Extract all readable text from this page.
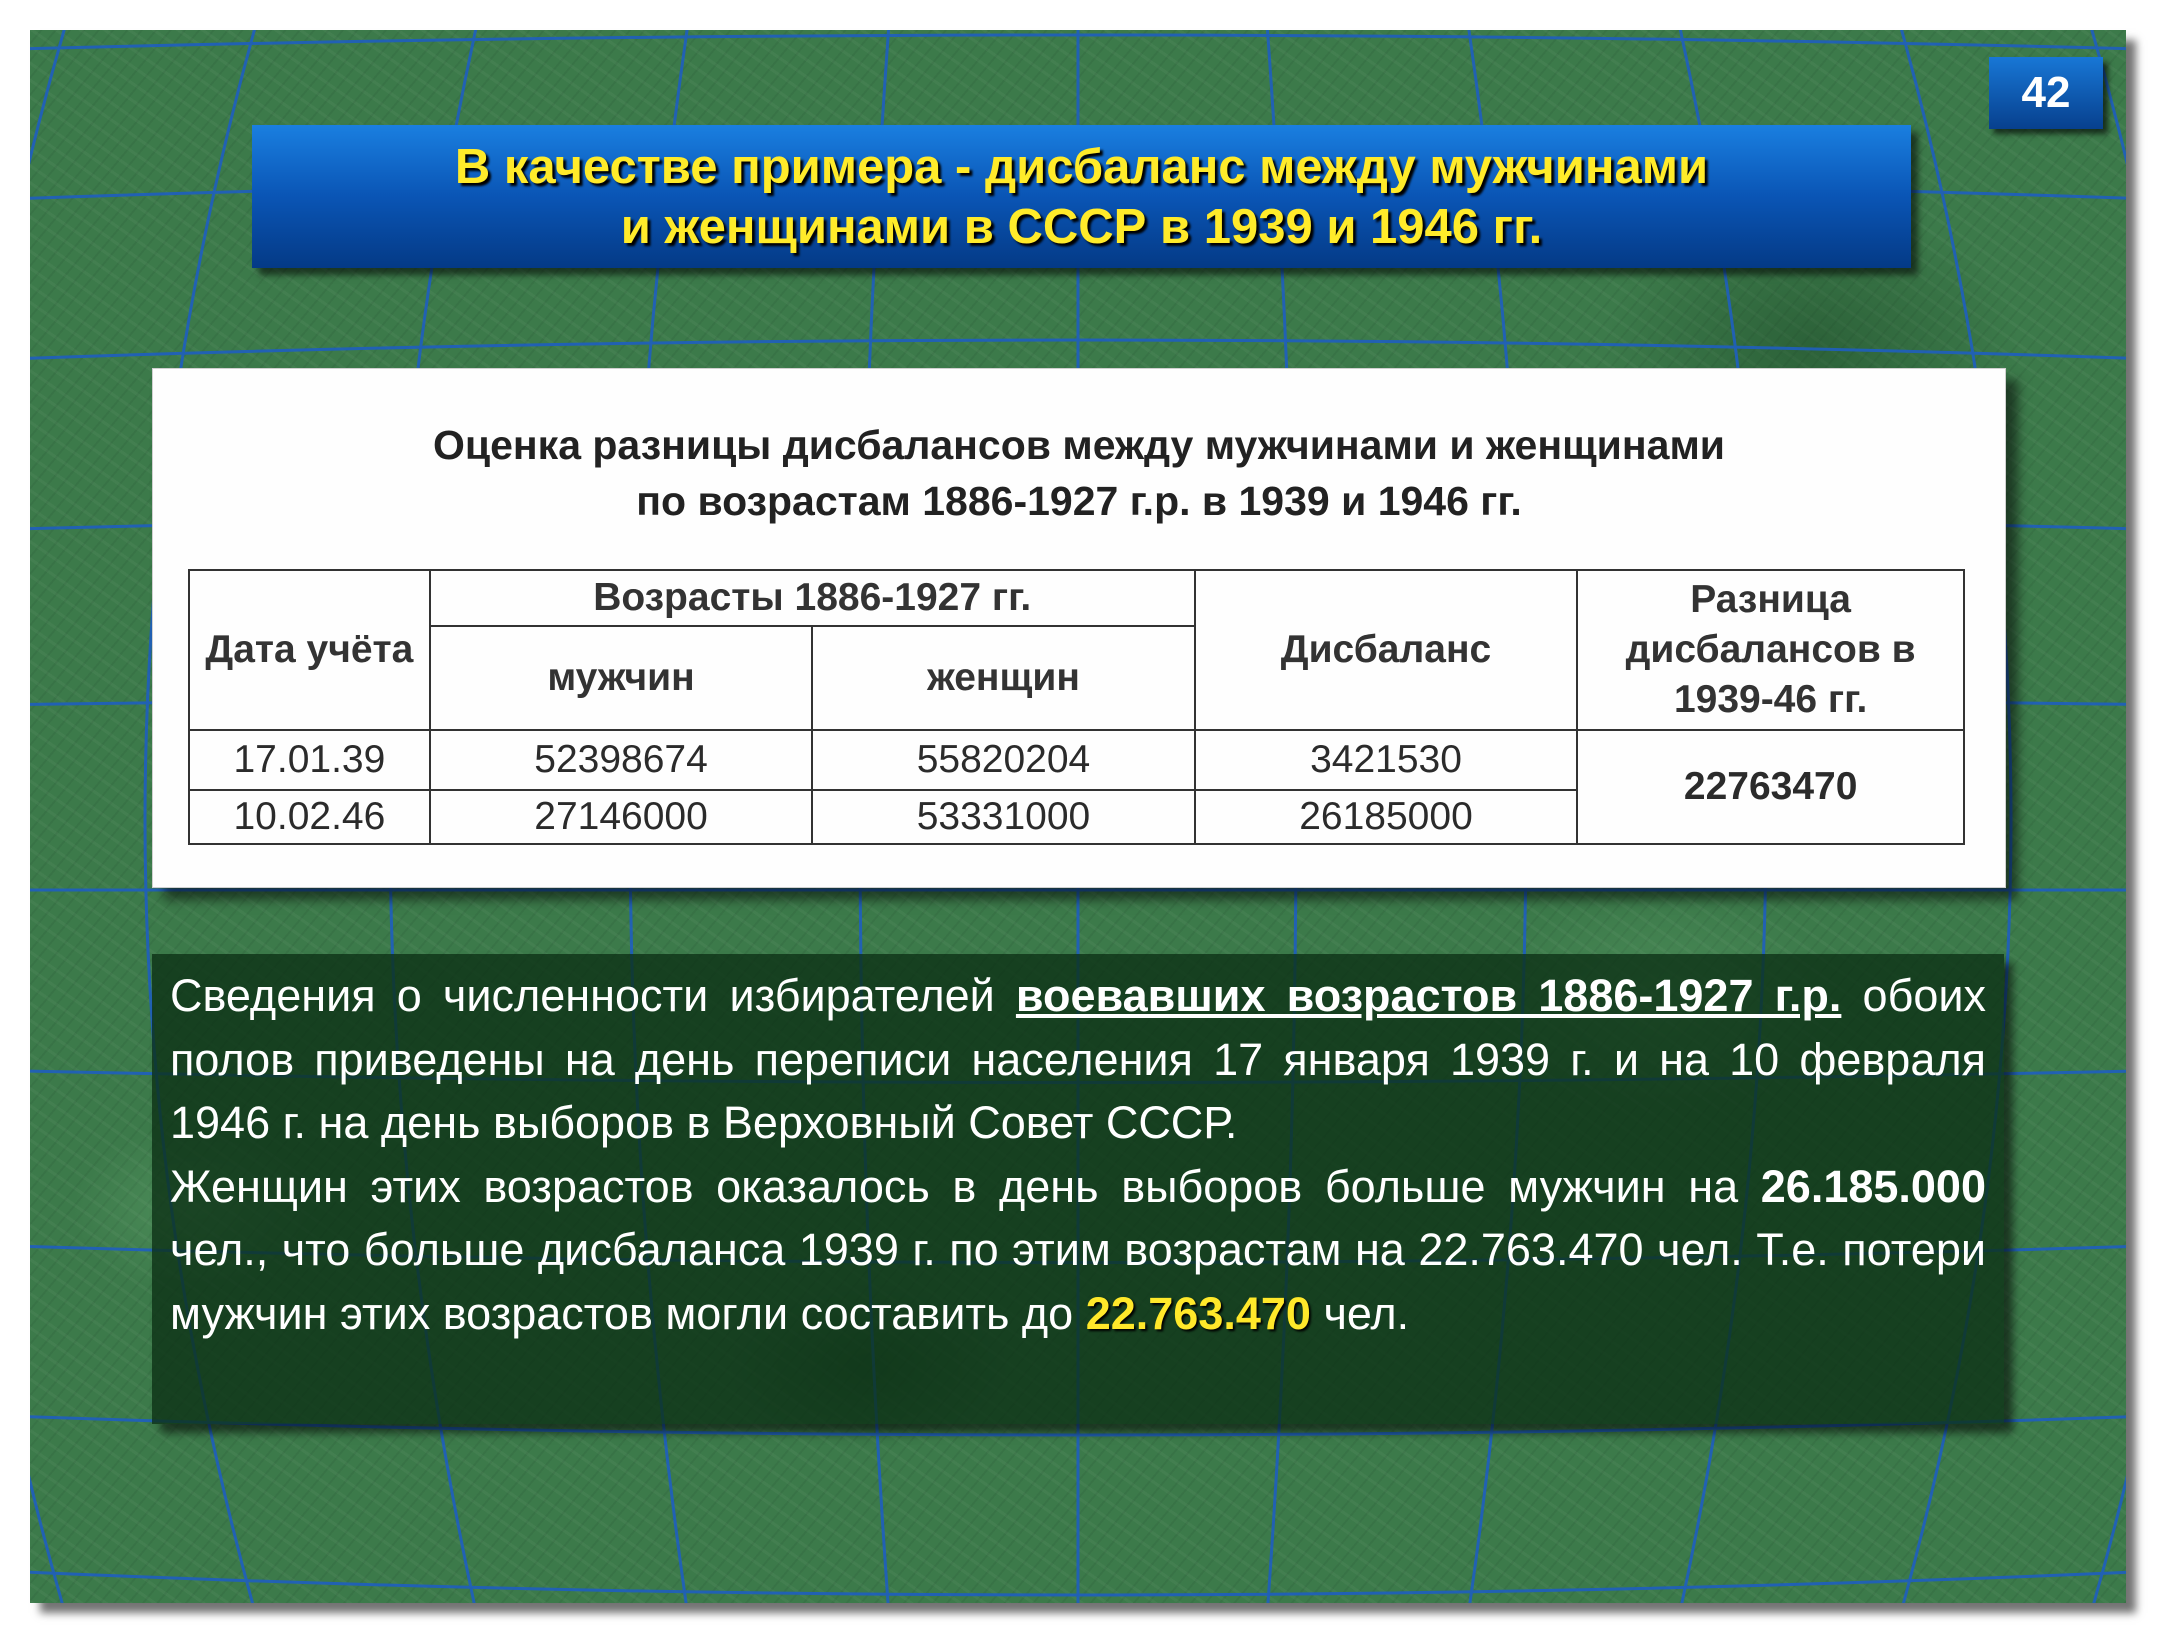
42
В качестве примера - дисбаланс между мужчинами
и женщинами в СССР в 1939 и 1946 гг.
Оценка разницы дисбалансов между мужчинами и женщинами
по возрастам 1886-1927 г.р. в 1939 и 1946 гг.
Дата учёта	Возрасты 1886-1927 гг.		Дисбаланс	Разница
дисбалансов в
1939-46 гг.

	мужчин	женщин		
17.01.39	52398674	55820204	3421530	22763470
10.02.46	27146000	53331000	26185000	
Сведения о численности избирателей воевавших возрастов 1886-1927 г.р. обоих полов приведены на день переписи населения 17 января 1939 г. и на 10 февраля 1946 г. на день выборов в Верховный Совет СССР.
Женщин этих возрастов оказалось в день выборов больше мужчин на 26.185.000 чел., что больше дисбаланса 1939 г. по этим возрастам на 22.763.470 чел. Т.е. потери мужчин этих возрастов могли составить до 22.763.470 чел.
